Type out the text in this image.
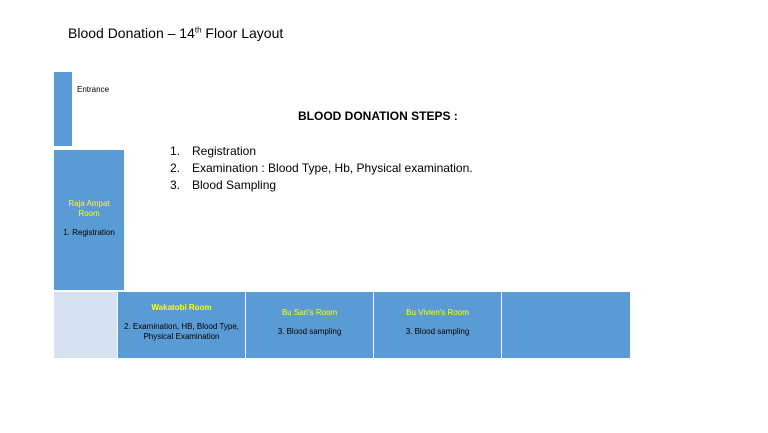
Blood Donation – 14th Floor Layout
Entrance
Raja Ampat Room
1. Registration
Wakatobi Room
2. Examination, HB, Blood Type, Physical Examination
Bu Sari's Room
3. Blood sampling
Bu Vivien's Room
3. Blood sampling
BLOOD DONATION STEPS :
1. Registration
2. Examination : Blood Type, Hb, Physical examination.
3. Blood Sampling
